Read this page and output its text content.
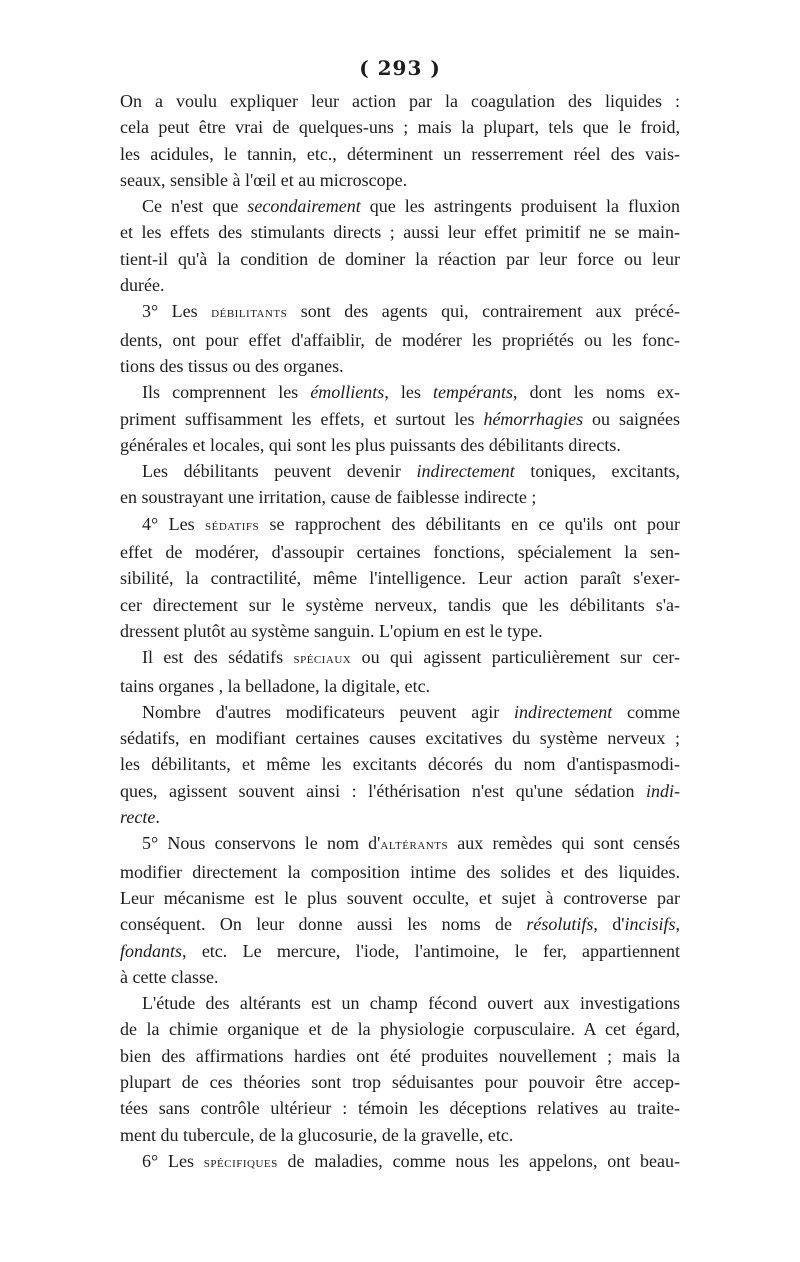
( 293 )
On a voulu expliquer leur action par la coagulation des liquides :
cela peut être vrai de quelques-uns ; mais la plupart, tels que le froid,
les acidules, le tannin, etc., déterminent un resserrement réel des vais-
seaux, sensible à l'œil et au microscope.
Ce n'est que secondairement que les astringents produisent la fluxion
et les effets des stimulants directs ; aussi leur effet primitif ne se main-
tient-il qu'à la condition de dominer la réaction par leur force ou leur
durée.
3° Les débilitants sont des agents qui, contrairement aux précé-
dents, ont pour effet d'affaiblir, de modérer les propriétés ou les fonc-
tions des tissus ou des organes.
Ils comprennent les émollients, les tempérants, dont les noms ex-
priment suffisamment les effets, et surtout les hémorrhagies ou saignées
générales et locales, qui sont les plus puissants des débilitants directs.
Les débilitants peuvent devenir indirectement toniques, excitants,
en soustrayant une irritation, cause de faiblesse indirecte ;
4° Les sédatifs se rapprochent des débilitants en ce qu'ils ont pour
effet de modérer, d'assoupir certaines fonctions, spécialement la sen-
sibilité, la contractilité, même l'intelligence. Leur action paraît s'exer-
cer directement sur le système nerveux, tandis que les débilitants s'a-
dressent plutôt au système sanguin. L'opium en est le type.
Il est des sédatifs spéciaux ou qui agissent particulièrement sur cer-
tains organes , la belladone, la digitale, etc.
Nombre d'autres modificateurs peuvent agir indirectement comme
sédatifs, en modifiant certaines causes excitatives du système nerveux ;
les débilitants, et même les excitants décorés du nom d'antispasmodi-
ques, agissent souvent ainsi : l'éthérisation n'est qu'une sédation indi-
recte.
5° Nous conservons le nom d'altérants aux remèdes qui sont censés
modifier directement la composition intime des solides et des liquides.
Leur mécanisme est le plus souvent occulte, et sujet à controverse par
conséquent. On leur donne aussi les noms de résolutifs, d'incisifs,
fondants, etc. Le mercure, l'iode, l'antimoine, le fer, appartiennent
à cette classe.
L'étude des altérants est un champ fécond ouvert aux investigations
de la chimie organique et de la physiologie corpusculaire. A cet égard,
bien des affirmations hardies ont été produites nouvellement ; mais la
plupart de ces théories sont trop séduisantes pour pouvoir être accep-
tées sans contrôle ultérieur : témoin les déceptions relatives au traite-
ment du tubercule, de la glucosurie, de la gravelle, etc.
6° Les spécifiques de maladies, comme nous les appelons, ont beau-
